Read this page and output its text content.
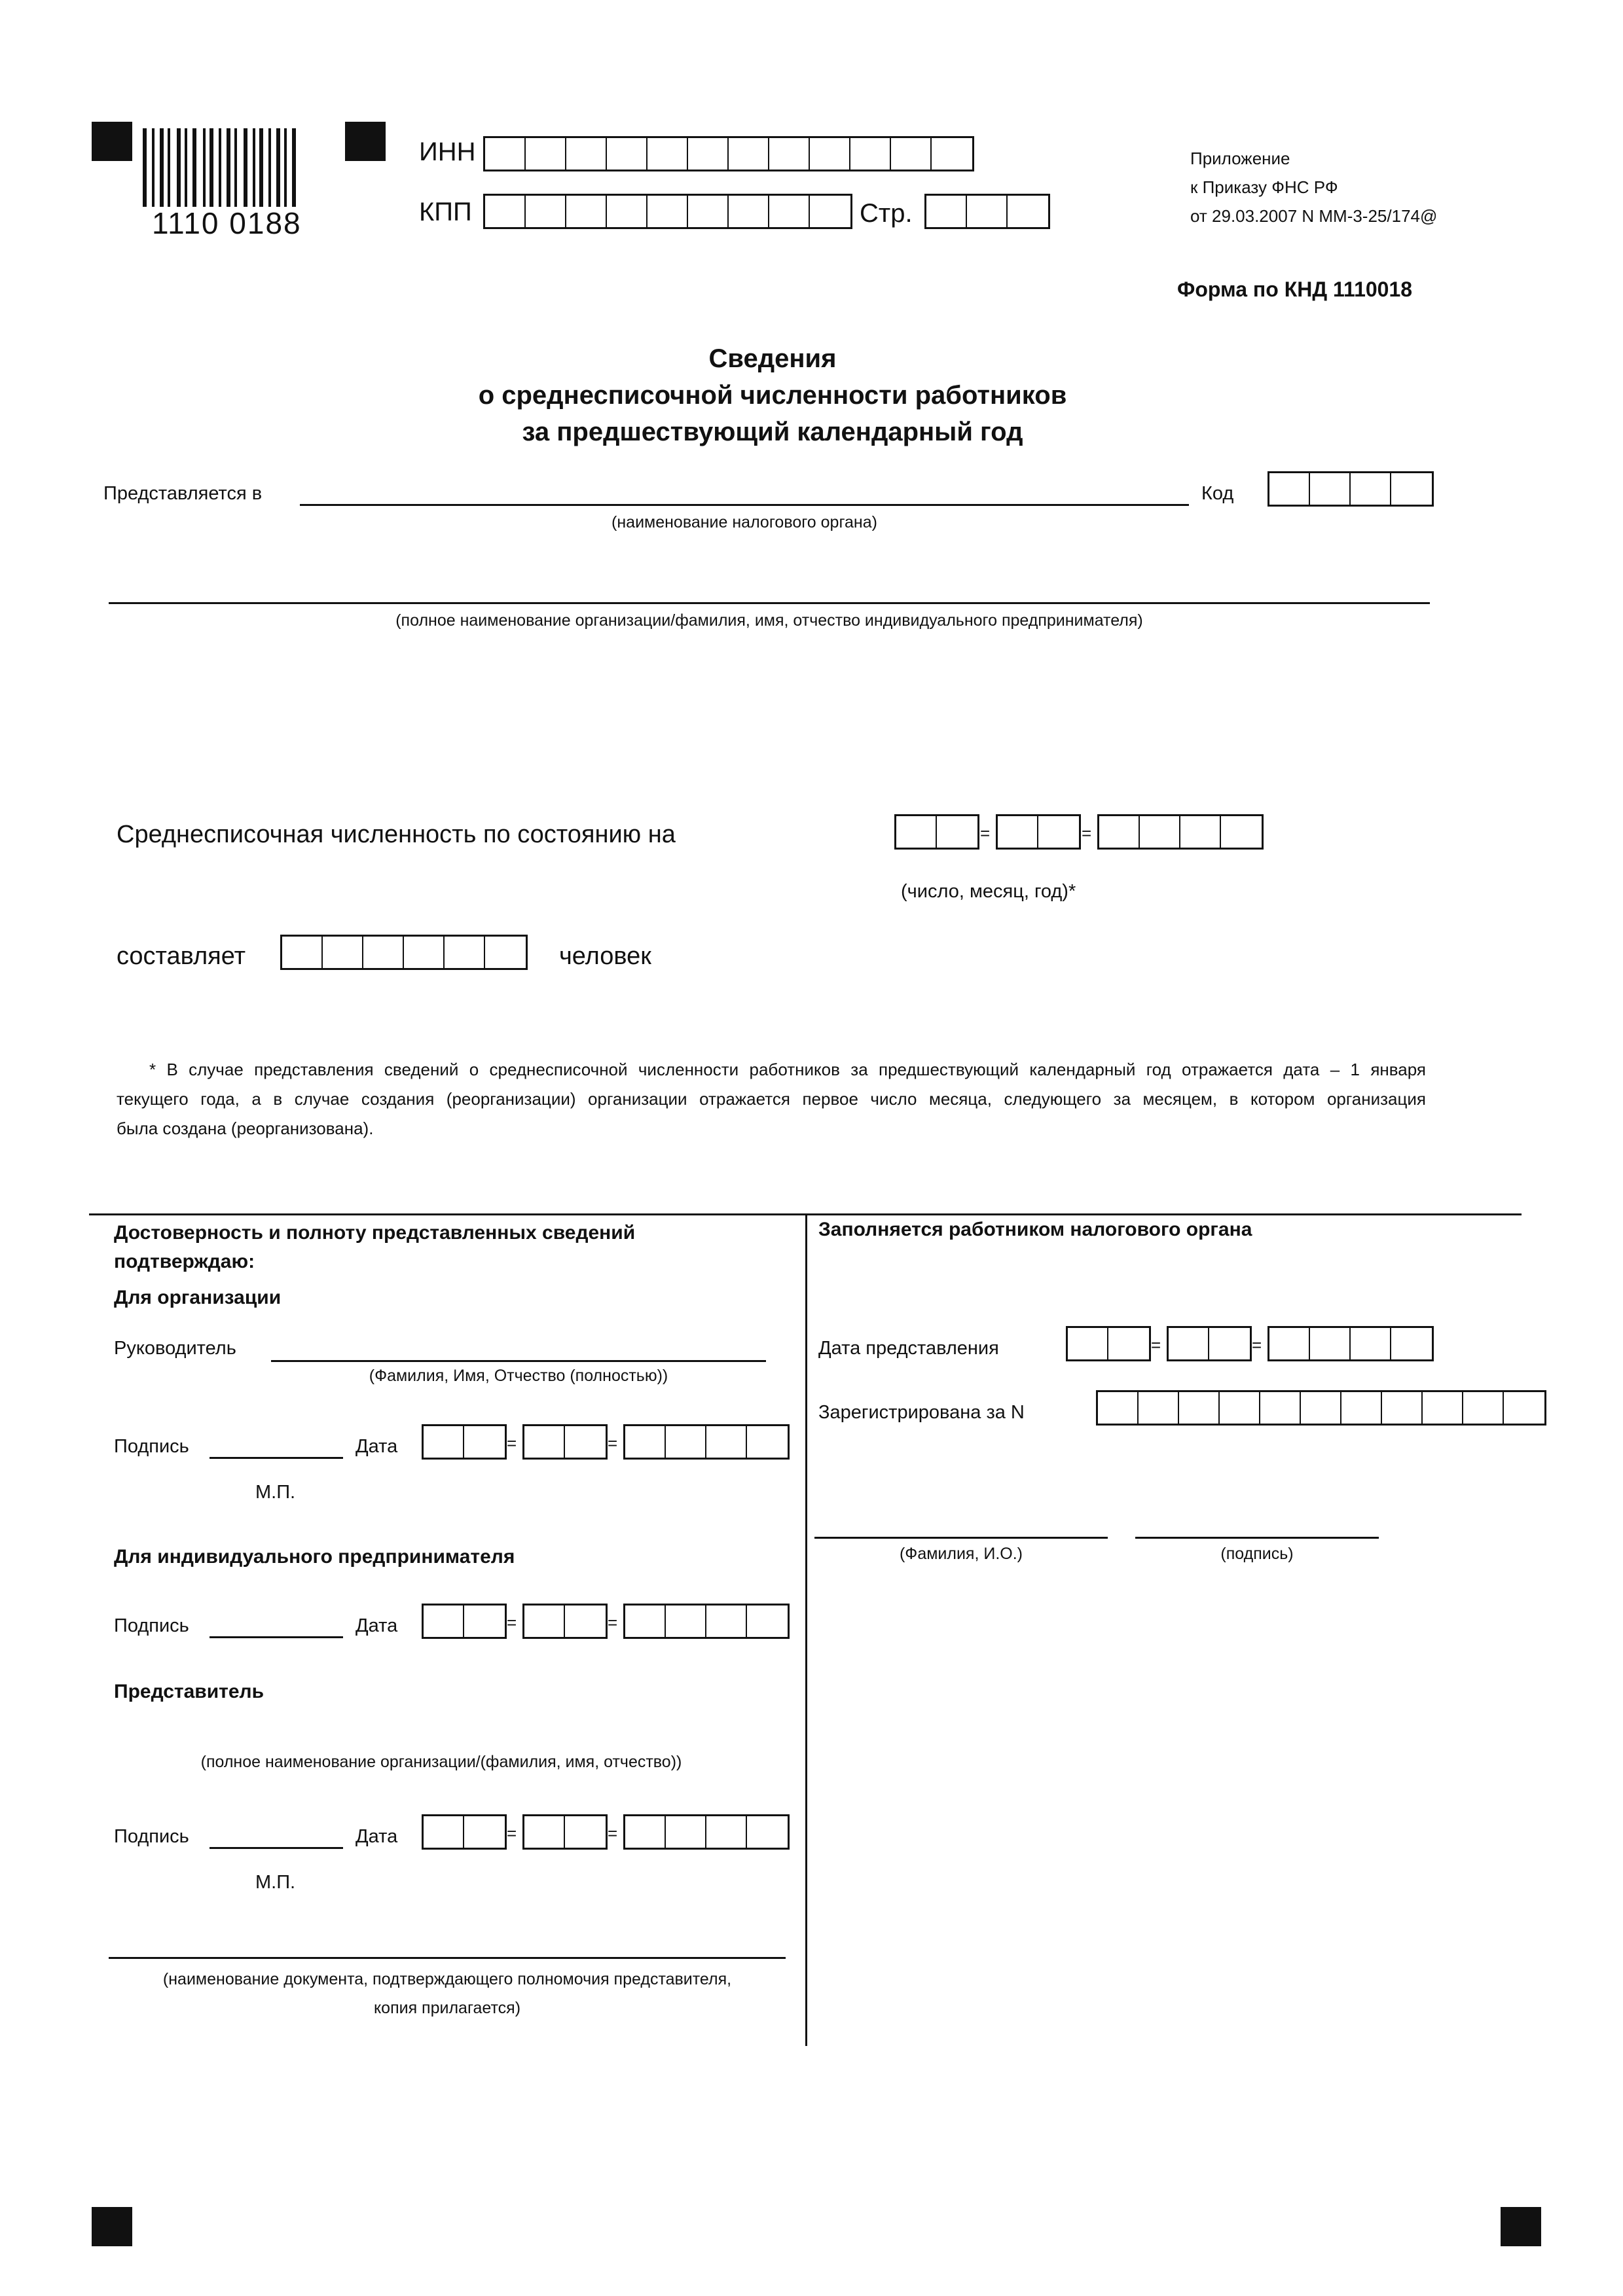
1110 0188
ИНН
КПП	Стр.
Приложение
к Приказу ФНС РФ
от 29.03.2007 N ММ-3-25/174@
Форма по КНД 1110018
Сведения
о среднесписочной численности работников
за предшествующий календарный год
Представляется в
(наименование налогового органа)
Код
(полное наименование организации/фамилия, имя, отчество индивидуального предпринимателя)
Среднесписочная численность по состоянию на	=	=
(число, месяц, год)*
составляет	человек
* В случае представления сведений о среднесписочной численности работников за предшествующий календарный год отражается дата – 1 января
текущего года, а в случае создания (реорганизации) организации отражается первое число месяца, следующего за месяцем, в котором организация
была создана (реорганизована).
Достоверность и полноту представленных сведений
подтверждаю:
Для организации
Руководитель
(Фамилия, Имя, Отчество (полностью))
Подпись	Дата	=	=
М.П.
Для индивидуального предпринимателя
Подпись	Дата	=	=
Представитель
(полное наименование организации/(фамилия, имя, отчество))
Подпись	Дата	=	=
М.П.
(наименование документа, подтверждающего полномочия представителя,
копия прилагается)
Заполняется работником налогового органа
Дата представления	=	=
Зарегистрирована за N
(Фамилия, И.О.)	(подпись)
